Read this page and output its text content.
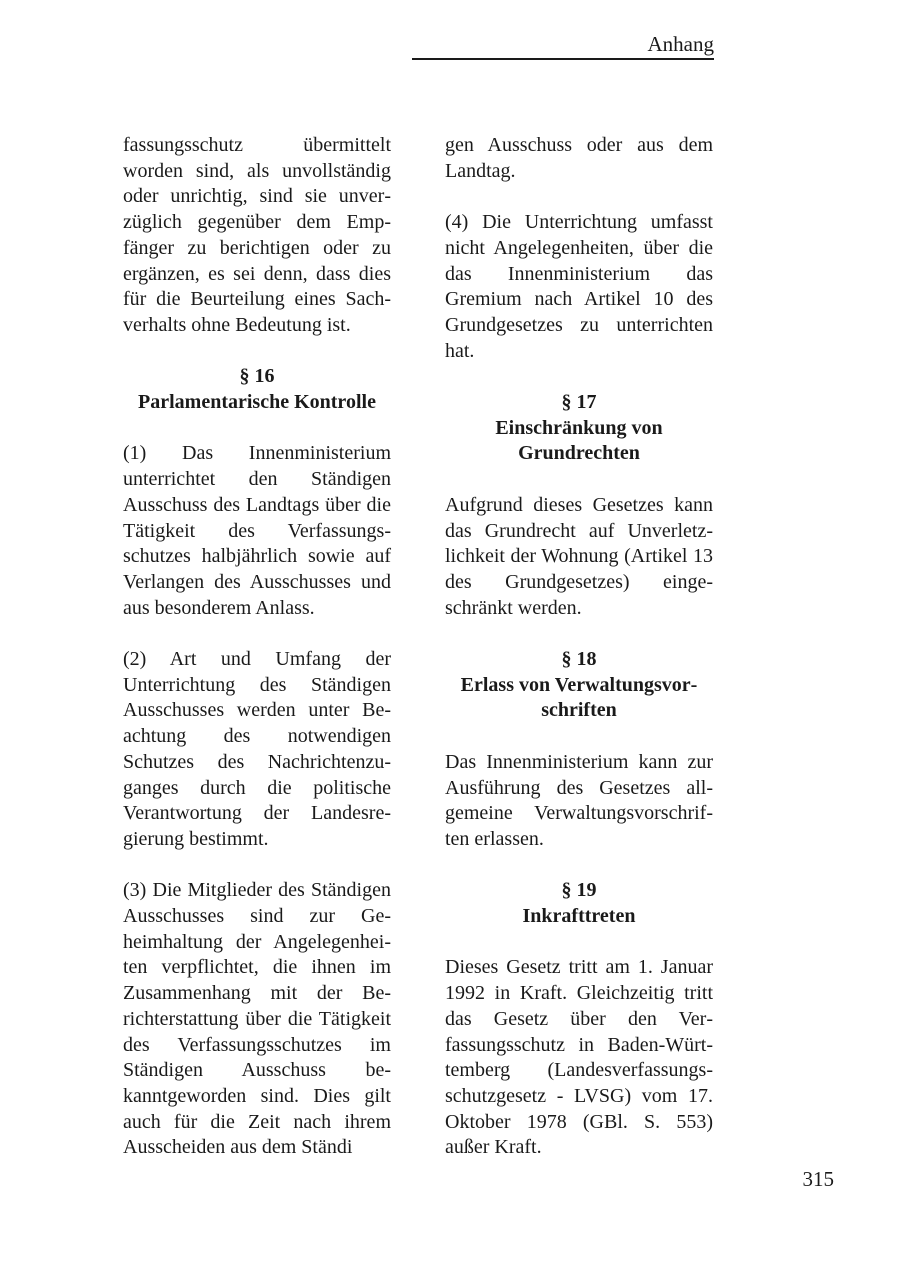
Anhang

fassungsschutz übermittelt worden sind, als unvollständig oder unrichtig, sind sie unverzüglich gegenüber dem Empfänger zu berichtigen oder zu ergänzen, es sei denn, dass dies für die Beurteilung eines Sachverhalts ohne Bedeutung ist.

§ 16
Parlamentarische Kontrolle

(1) Das Innenministerium unterrichtet den Ständigen Ausschuss des Landtags über die Tätigkeit des Verfassungsschutzes halbjährlich sowie auf Verlangen des Ausschusses und aus besonderem Anlass.

(2) Art und Umfang der Unterrichtung des Ständigen Ausschusses werden unter Beachtung des notwendigen Schutzes des Nachrichtenzuganges durch die politische Verantwortung der Landesregierung bestimmt.

(3) Die Mitglieder des Ständigen Ausschusses sind zur Geheimhaltung der Angelegenheiten verpflichtet, die ihnen im Zusammenhang mit der Berichterstattung über die Tätigkeit des Verfassungsschutzes im Ständigen Ausschuss bekanntgeworden sind. Dies gilt auch für die Zeit nach ihrem Ausscheiden aus dem Ständi

gen Ausschuss oder aus dem Landtag.

(4) Die Unterrichtung umfasst nicht Angelegenheiten, über die das Innenministerium das Gremium nach Artikel 10 des Grundgesetzes zu unterrichten hat.

§ 17
Einschränkung von Grundrechten

Aufgrund dieses Gesetzes kann das Grundrecht auf Unverletzlichkeit der Wohnung (Artikel 13 des Grundgesetzes) eingeschränkt werden.

§ 18
Erlass von Verwaltungsvorschriften

Das Innenministerium kann zur Ausführung des Gesetzes allgemeine Verwaltungsvorschriften erlassen.

§ 19
Inkrafttreten

Dieses Gesetz tritt am 1. Januar 1992 in Kraft. Gleichzeitig tritt das Gesetz über den Verfassungsschutz in Baden-Württemberg (Landesverfassungsschutzgesetz - LVSG) vom 17. Oktober 1978 (GBl. S. 553) außer Kraft.

315
